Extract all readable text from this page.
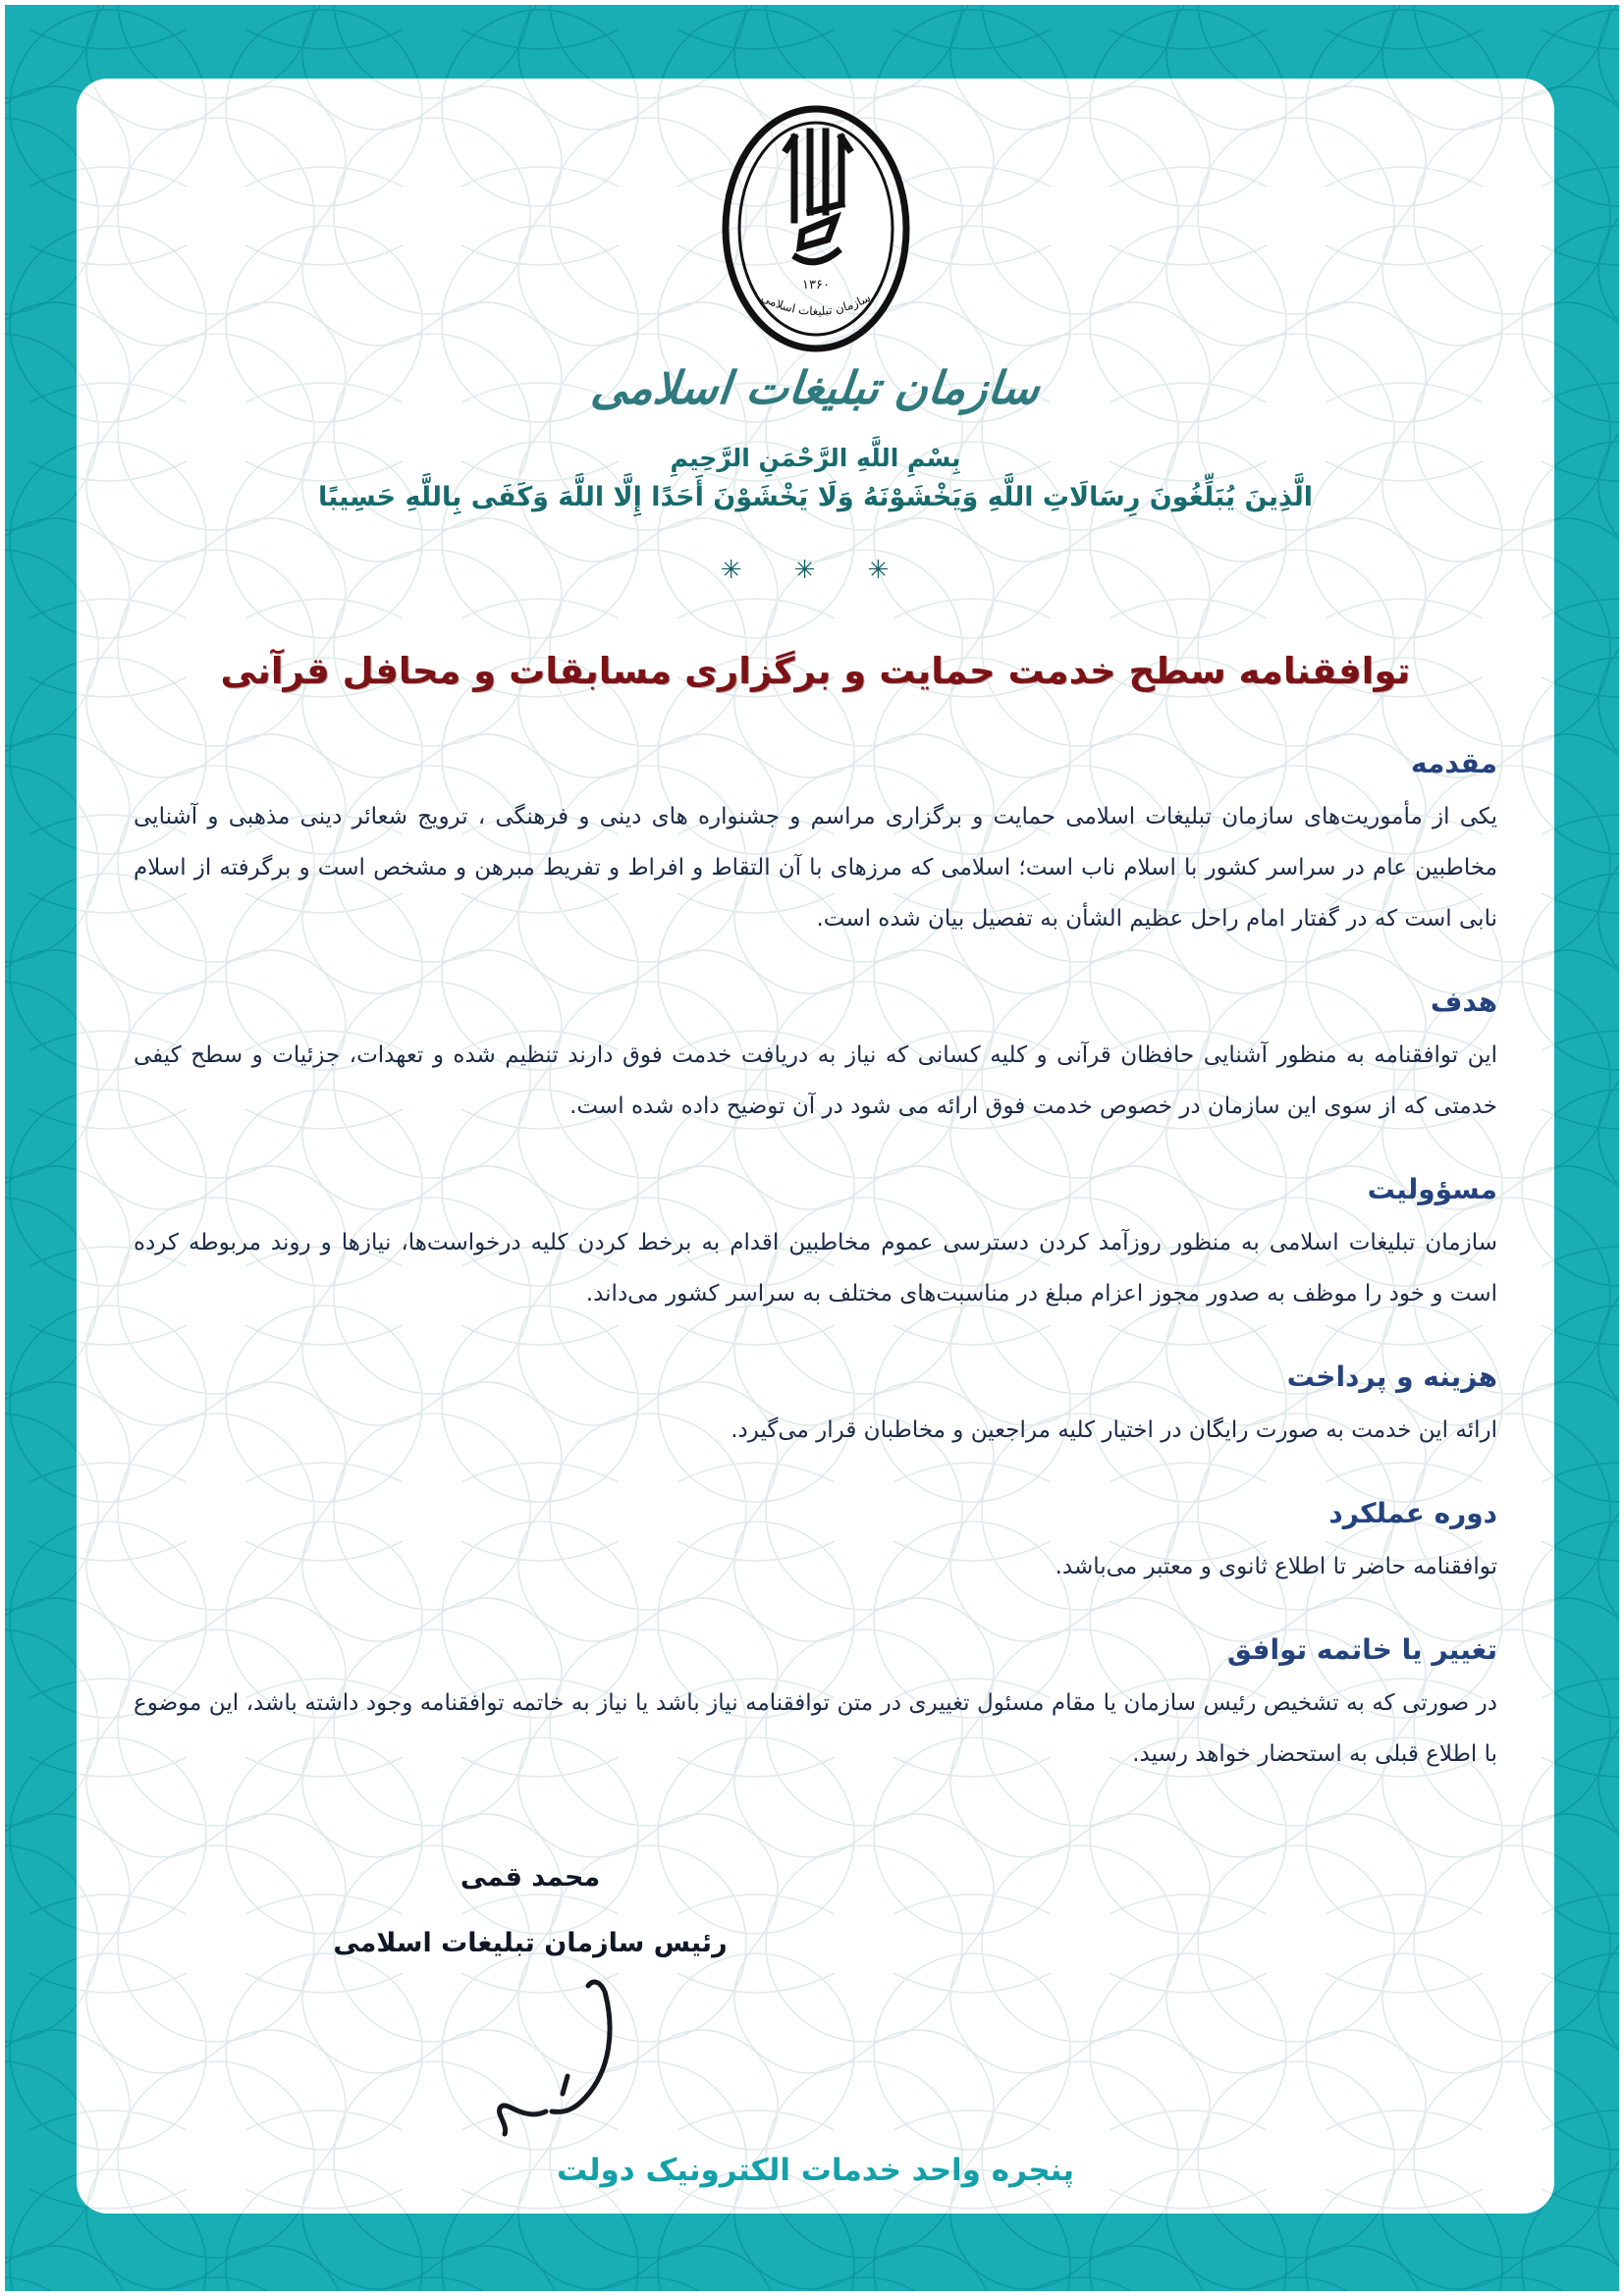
۱۳۶۰
سازمان تبلیغات اسلامی
سازمان تبلیغات اسلامی
بِسْمِ اللَّهِ الرَّحْمَنِ الرَّحِيمِ
الَّذِينَ يُبَلِّغُونَ رِسَالَاتِ اللَّهِ وَيَخْشَوْنَهُ وَلَا يَخْشَوْنَ أَحَدًا إِلَّا اللَّهَ وَكَفَى بِاللَّهِ حَسِيبًا
✳ ✳ ✳
توافقنامه سطح خدمت حمایت و برگزاری مسابقات و محافل قرآنی
مقدمه

یکی از مأموریت‌های سازمان تبلیغات اسلامی حمایت و برگزاری مراسم و جشنواره های دینی و فرهنگی ، ترویج شعائر دینی مذهبی و آشنایی مخاطبین عام در سراسر کشور با اسلام ناب است؛ اسلامی که مرزهای با آن التقاط و افراط و تفریط مبرهن و مشخص است و برگرفته از اسلام نابی است که در گفتار امام راحل عظیم الشأن به تفصیل بیان شده است.

هدف

این توافقنامه به منظور آشنایی حافظان قرآنی و کلیه کسانی که نیاز به دریافت خدمت فوق دارند تنظیم شده و تعهدات، جزئیات و سطح کیفی خدمتی که از سوی این سازمان در خصوص خدمت فوق ارائه می شود در آن توضیح داده شده است.

مسؤولیت

سازمان تبلیغات اسلامی به منظور روزآمد کردن دسترسی عموم مخاطبین اقدام به برخط کردن کلیه درخواست‌ها، نیازها و روند مربوطه کرده است و خود را موظف به صدور مجوز اعزام مبلغ در مناسبت‌های مختلف به سراسر کشور می‌داند.

هزینه و پرداخت

ارائه این خدمت به صورت رایگان در اختیار کلیه مراجعین و مخاطبان قرار می‌گیرد.

دوره عملکرد

توافقنامه حاضر تا اطلاع ثانوی و معتبر می‌باشد.

تغییر یا خاتمه توافق

در صورتی که به تشخیص رئیس سازمان یا مقام مسئول تغییری در متن توافقنامه نیاز باشد یا نیاز به خاتمه توافقنامه وجود داشته باشد، این موضوع با اطلاع قبلی به استحضار خواهد رسید.

محمد قمی
رئیس سازمان تبلیغات اسلامی
پنجره واحد خدمات الکترونیک دولت
